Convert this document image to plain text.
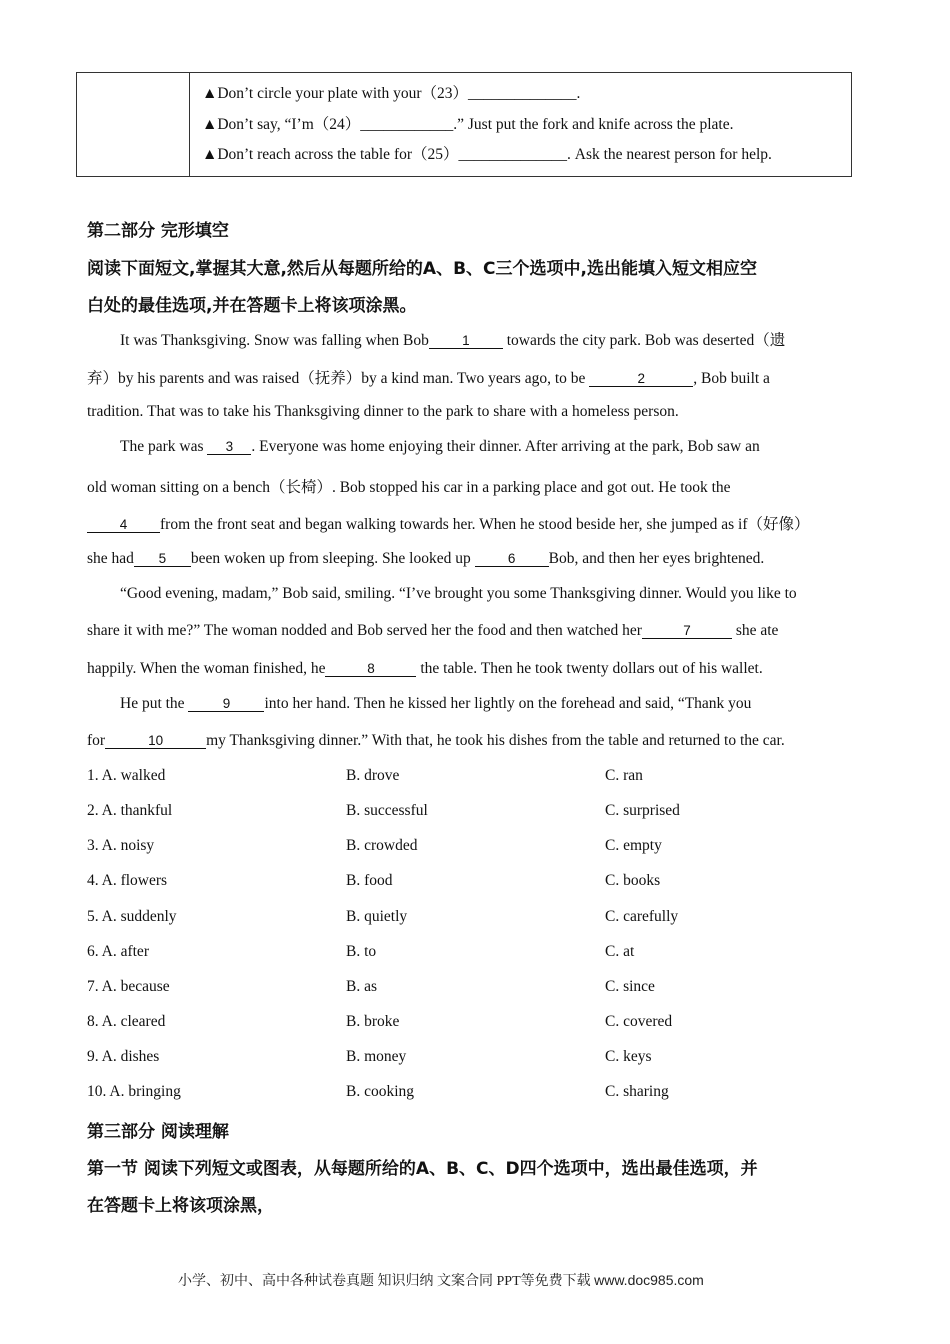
▲Don’t circle your plate with your（23）______________.
▲Don’t say, “I’m（24）____________.” Just put the fork and knife across the plate.
▲Don’t reach across the table for（25）______________. Ask the nearest person for help.
第二部分 完形填空
阅读下面短文,掌握其大意,然后从每题所给的A、B、C三个选项中,选出能填入短文相应空
白处的最佳选项,并在答题卡上将该项涂黑。
It was Thanksgiving. Snow was falling when Bob 1 towards the city park. Bob was deserted（遗
弃）by his parents and was raised（抚养）by a kind man. Two years ago, to be	2	, Bob built a
tradition. That was to take his Thanksgiving dinner to the park to share with a homeless person.
The park was 3 . Everyone was home enjoying their dinner. After arriving at the park, Bob saw an
old woman sitting on a bench（长椅）. Bob stopped his car in a parking place and got out. He took the
4 from the front seat and began walking towards her. When he stood beside her, she jumped as if（好像）
she had 5 been woken up from sleeping. She looked up 6 Bob, and then her eyes brightened.
“Good evening, madam,” Bob said, smiling. “I’ve brought you some Thanksgiving dinner. Would you like to
share it with me?” The woman nodded and Bob served her the food and then watched her	7	she ate
happily. When the woman finished, he	8	the table. Then he took twenty dollars out of his wallet.
He put the	9 into her hand. Then he kissed her lightly on the forehead and said, “Thank you
for	10	my Thanksgiving dinner.” With that, he took his dishes from the table and returned to the car.
1. A. walked	B. drove	C. ran
2. A. thankful	B. successful	C. surprised
3. A. noisy	B. crowded	C. empty
4. A. flowers	B. food	C. books
5. A. suddenly	B. quietly	C. carefully
6. A. after	B. to	C. at
7. A. because	B. as	C. since
8. A. cleared	B. broke	C. covered
9. A. dishes	B. money	C. keys
10. A. bringing	B. cooking	C. sharing
第三部分 阅读理解
第一节 阅读下列短文或图表，从每题所给的A、B、C、D四个选项中，选出最佳选项，并
在答题卡上将该项涂黑，
小学、初中、高中各种试卷真题 知识归纳 文案合同 PPT等免费下载 www.doc985.com
